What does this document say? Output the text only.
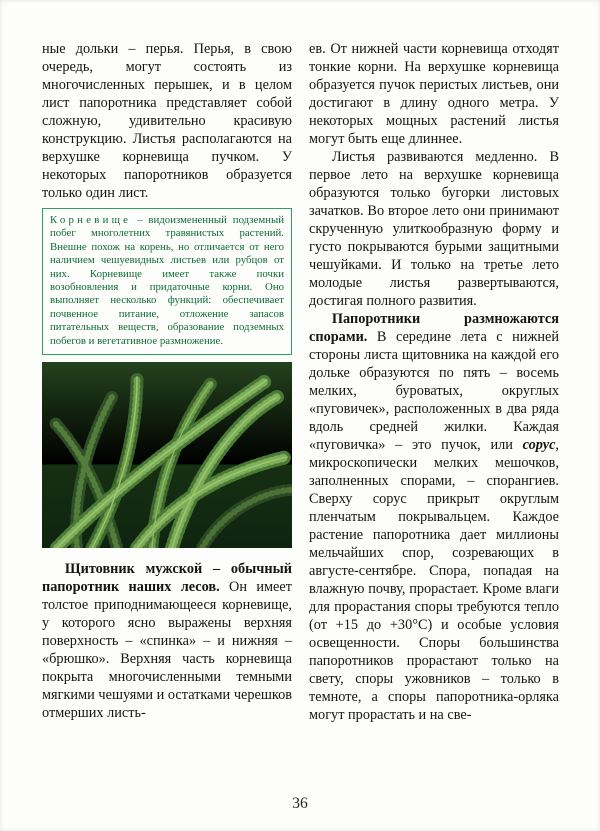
ные дольки – перья. Перья, в свою очередь, могут состоять из многочисленных перышек, и в целом лист папоротника представляет собой сложную, удивительно красивую конструкцию. Листья располагаются на верхушке корневища пучком. У некоторых папоротников образуется только один лист.

Корневище – видоизмененный подземный побег многолетних травянистых растений. Внешне похож на корень, но отличается от него наличием чешуевидных листьев или рубцов от них. Корневище имеет также почки возобновления и придаточные корни. Оно выполняет несколько функций: обеспечивает почвенное питание, отложение запасов питательных веществ, образование подземных побегов и вегетативное размножение.

Щитовник мужской – обычный папоротник наших лесов. Он имеет толстое приподнимающееся корневище, у которого ясно выражены верхняя поверхность – «спинка» – и нижняя – «брюшко». Верхняя часть корневища покрыта многочисленными темными мягкими чешуями и остатками черешков отмерших листь-

ев. От нижней части корневища отходят тонкие корни. На верхушке корневища образуется пучок перистых листьев, они достигают в длину одного метра. У некоторых мощных растений листья могут быть еще длиннее.

Листья развиваются медленно. В первое лето на верхушке корневища образуются только бугорки листовых зачатков. Во второе лето они принимают скрученную улиткообразную форму и густо покрываются бурыми защитными чешуйками. И только на третье лето молодые листья развертываются, достигая полного развития.

Папоротники размножаются спорами. В середине лета с нижней стороны листа щитовника на каждой его дольке образуются по пять – восемь мелких, буроватых, округлых «пуговичек», расположенных в два ряда вдоль средней жилки. Каждая «пуговичка» – это пучок, или сорус, микроскопически мелких мешочков, заполненных спорами, – спорангиев. Сверху сорус прикрыт округлым пленчатым покрывальцем. Каждое растение папоротника дает миллионы мельчайших спор, созревающих в августе-сентябре. Спора, попадая на влажную почву, прорастает. Кроме влаги для прорастания споры требуются тепло (от +15 до +30°С) и особые условия освещенности. Споры большинства папоротников прорастают только на свету, споры ужовников – только в темноте, а споры папоротника-орляка могут прорастать и на све-

36
